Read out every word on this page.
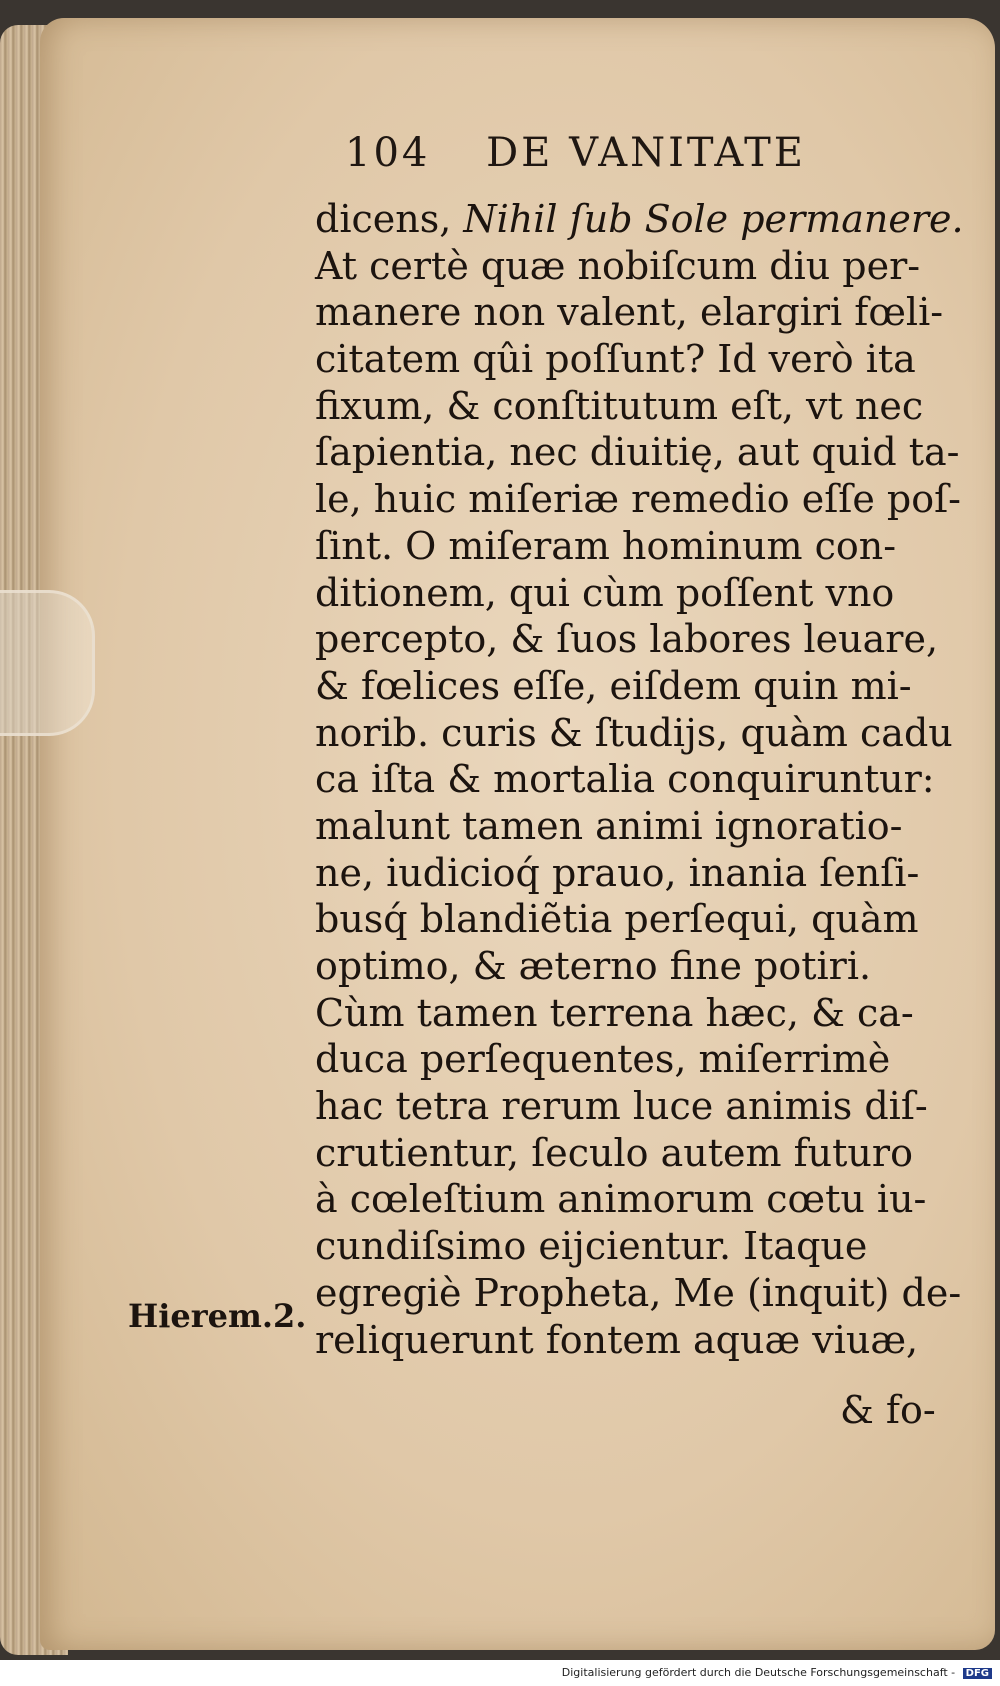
104 DE VANITATE
dicens, Nihil ſub Sole permanere.
At certè quæ nobiſcum diu per-
manere non valent, elargiri fœli-
citatem qûi poſſunt? Id verò ita
fixum, & conſtitutum eſt, vt nec
ſapientia, nec diuitię, aut quid ta-
le, huic miſeriæ remedio eſſe poſ-
ſint. O miſeram hominum con-
ditionem, qui cùm poſſent vno
percepto, & ſuos labores leuare,
& fœlices eſſe, eiſdem quin mi-
norib. curis & ſtudijs, quàm cadu
ca iſta & mortalia conquiruntur:
malunt tamen animi ignoratio-
ne, iudicioq́ prauo, inania ſenſi-
busq́ blandiẽtia perſequi, quàm
optimo, & æterno fine potiri.
Cùm tamen terrena hæc, & ca-
duca perſequentes, miſerrimè
hac tetra rerum luce animis diſ-
crutientur, ſeculo autem futuro
à cœleſtium animorum cœtu iu-
cundiſsimo eijcientur. Itaque
egregiè Propheta, Me (inquit) de-
reliquerunt fontem aquæ viuæ,
Hierem.2.
& fo-
Digitalisierung gefördert durch die Deutsche Forschungsgemeinschaft - DFG
